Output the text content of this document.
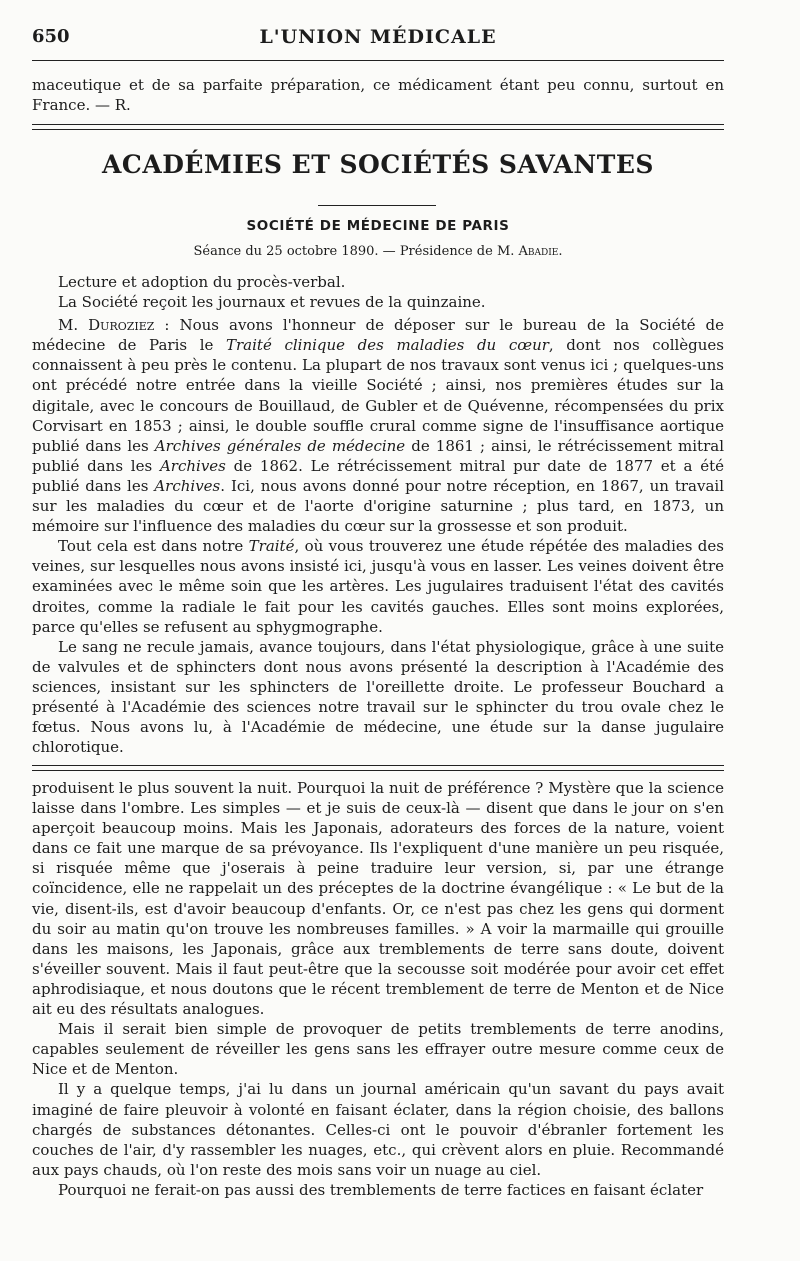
650	L'UNION MÉDICALE
maceutique et de sa parfaite préparation, ce médicament étant peu connu, surtout en
France. — R.
ACADÉMIES ET SOCIÉTÉS SAVANTES
SOCIÉTÉ DE MÉDECINE DE PARIS
Séance du 25 octobre 1890. — Présidence de M. Abadie.

Lecture et adoption du procès-verbal.

La Société reçoit les journaux et revues de la quinzaine.

M. Duroziez : Nous avons l'honneur de déposer sur le bureau de la Société de médecine de Paris le Traité clinique des maladies du cœur, dont nos collègues connaissent à peu près le contenu. La plupart de nos travaux sont venus ici ; quelques-uns ont précédé notre entrée dans la vieille Société ; ainsi, nos premières études sur la digitale, avec le concours de Bouillaud, de Gubler et de Quévenne, récompensées du prix Corvisart en 1853 ; ainsi, le double souffle crural comme signe de l'insuffisance aortique publié dans les Archives générales de médecine de 1861 ; ainsi, le rétrécissement mitral publié dans les Archives de 1862. Le rétrécissement mitral pur date de 1877 et a été publié dans les Archives. Ici, nous avons donné pour notre réception, en 1867, un travail sur les maladies du cœur et de l'aorte d'origine saturnine ; plus tard, en 1873, un mémoire sur l'influence des maladies du cœur sur la grossesse et son produit.

Tout cela est dans notre Traité, où vous trouverez une étude répétée des maladies des veines, sur lesquelles nous avons insisté ici, jusqu'à vous en lasser. Les veines doivent être examinées avec le même soin que les artères. Les jugulaires traduisent l'état des cavités droites, comme la radiale le fait pour les cavités gauches. Elles sont moins explorées, parce qu'elles se refusent au sphygmographe.

Le sang ne recule jamais, avance toujours, dans l'état physiologique, grâce à une suite de valvules et de sphincters dont nous avons présenté la description à l'Académie des sciences, insistant sur les sphincters de l'oreillette droite. Le professeur Bouchard a présenté à l'Académie des sciences notre travail sur le sphincter du trou ovale chez le fœtus. Nous avons lu, à l'Académie de médecine, une étude sur la danse jugulaire chlorotique.

produisent le plus souvent la nuit. Pourquoi la nuit de préférence ? Mystère que la science laisse dans l'ombre. Les simples — et je suis de ceux-là — disent que dans le jour on s'en aperçoit beaucoup moins. Mais les Japonais, adorateurs des forces de la nature, voient dans ce fait une marque de sa prévoyance. Ils l'expliquent d'une manière un peu risquée, si risquée même que j'oserais à peine traduire leur version, si, par une étrange coïncidence, elle ne rappelait un des préceptes de la doctrine évangélique : « Le but de la vie, disent-ils, est d'avoir beaucoup d'enfants. Or, ce n'est pas chez les gens qui dorment du soir au matin qu'on trouve les nombreuses familles. » A voir la marmaille qui grouille dans les maisons, les Japonais, grâce aux tremblements de terre sans doute, doivent s'éveiller souvent. Mais il faut peut-être que la secousse soit modérée pour avoir cet effet aphrodisiaque, et nous doutons que le récent tremblement de terre de Menton et de Nice ait eu des résultats analogues.

Mais il serait bien simple de provoquer de petits tremblements de terre anodins, capables seulement de réveiller les gens sans les effrayer outre mesure comme ceux de Nice et de Menton.

Il y a quelque temps, j'ai lu dans un journal américain qu'un savant du pays avait imaginé de faire pleuvoir à volonté en faisant éclater, dans la région choisie, des ballons chargés de substances détonantes. Celles-ci ont le pouvoir d'ébranler fortement les couches de l'air, d'y rassembler les nuages, etc., qui crèvent alors en pluie. Recommandé aux pays chauds, où l'on reste des mois sans voir un nuage au ciel.

Pourquoi ne ferait-on pas aussi des tremblements de terre factices en faisant éclater
